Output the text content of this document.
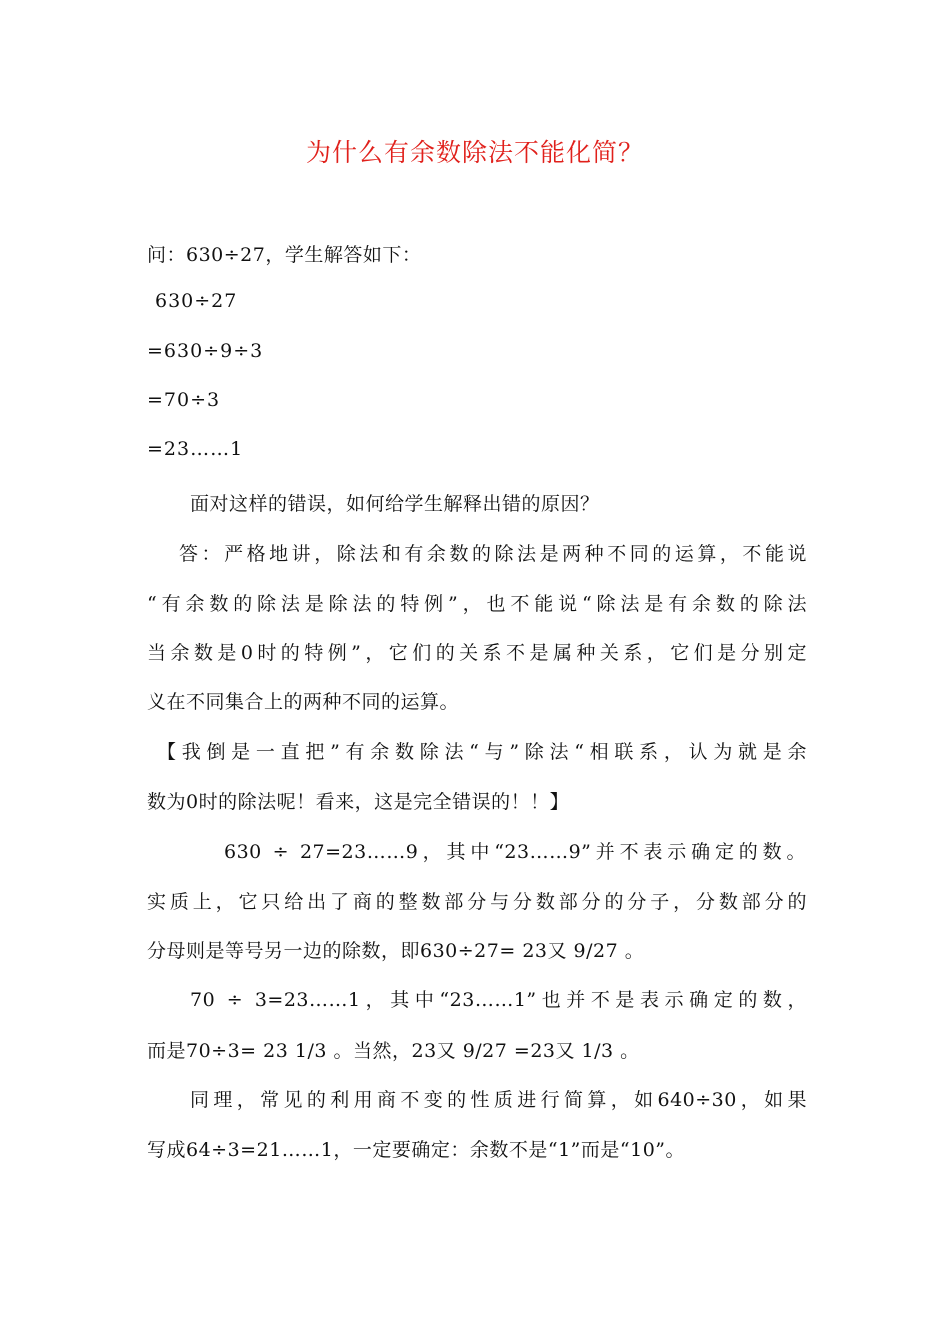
为什么有余数除法不能化简？
问：630÷27，学生解答如下：
630÷27
=630÷9÷3
=70÷3
=23……1
面对这样的错误，如何给学生解释出错的原因？
答：严格地讲，除法和有余数的除法是两种不同的运算，不能说
“有余数的除法是除法的特例”，也不能说“除法是有余数的除法
当余数是0时的特例”，它们的关系不是属种关系，它们是分别定
义在不同集合上的两种不同的运算。
【我倒是一直把”有余数除法“与”除法“相联系，认为就是余
数为0时的除法呢！看来，这是完全错误的！！】
630 ÷ 27=23……9，其中“23……9”并不表示确定的数。
实质上，它只给出了商的整数部分与分数部分的分子，分数部分的
分母则是等号另一边的除数，即630÷27= 23又 9/27 。
70 ÷ 3=23……1，其中“23……1”也并不是表示确定的数，
而是70÷3= 23 1/3 。当然，23又 9/27 =23又 1/3 。
同理，常见的利用商不变的性质进行简算，如640÷30，如果
写成64÷3=21……1，一定要确定：余数不是“1”而是“10”。
